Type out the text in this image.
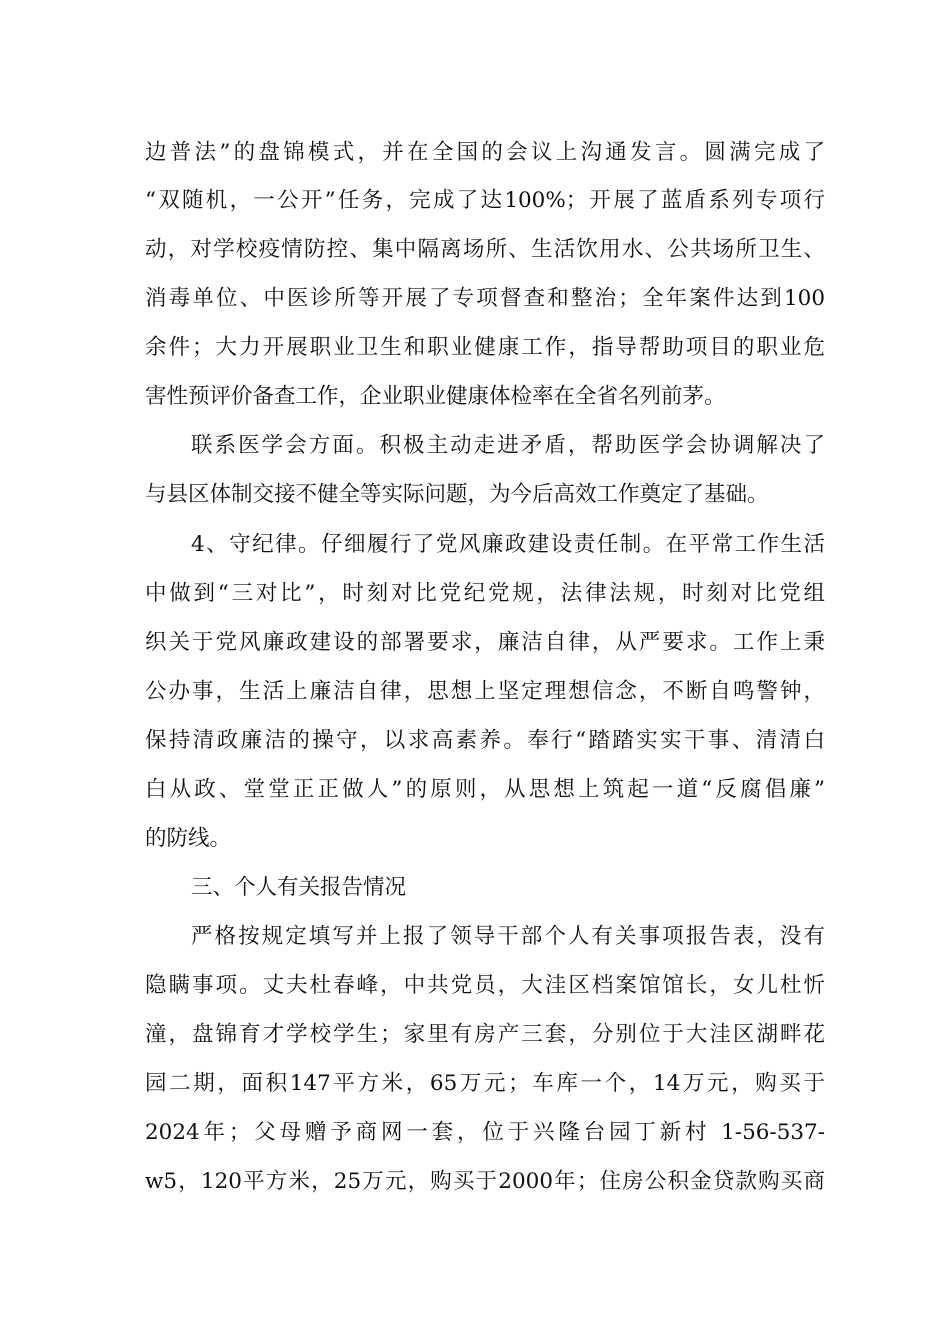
边普法”的盘锦模式，并在全国的会议上沟通发言。圆满完成了
“双随机，一公开”任务，完成了达100%；开展了蓝盾系列专项行
动，对学校疫情防控、集中隔离场所、生活饮用水、公共场所卫生、
消毒单位、中医诊所等开展了专项督查和整治；全年案件达到100
余件；大力开展职业卫生和职业健康工作，指导帮助项目的职业危
害性预评价备查工作，企业职业健康体检率在全省名列前茅。
联系医学会方面。积极主动走进矛盾，帮助医学会协调解决了
与县区体制交接不健全等实际问题，为今后高效工作奠定了基础。
4、守纪律。仔细履行了党风廉政建设责任制。在平常工作生活
中做到“三对比”，时刻对比党纪党规，法律法规，时刻对比党组
织关于党风廉政建设的部署要求，廉洁自律，从严要求。工作上秉
公办事，生活上廉洁自律，思想上坚定理想信念，不断自鸣警钟，
保持清政廉洁的操守，以求高素养。奉行“踏踏实实干事、清清白
白从政、堂堂正正做人”的原则，从思想上筑起一道“反腐倡廉”
的防线。
三、个人有关报告情况
严格按规定填写并上报了领导干部个人有关事项报告表，没有
隐瞒事项。丈夫杜春峰，中共党员，大洼区档案馆馆长，女儿杜忻
潼，盘锦育才学校学生；家里有房产三套，分别位于大洼区湖畔花
园二期，面积147平方米，65万元；车库一个，14万元，购买于
2024年；父母赠予商网一套，位于兴隆台园丁新村 1-56-537-
w5，120平方米，25万元，购买于2000年；住房公积金贷款购买商
